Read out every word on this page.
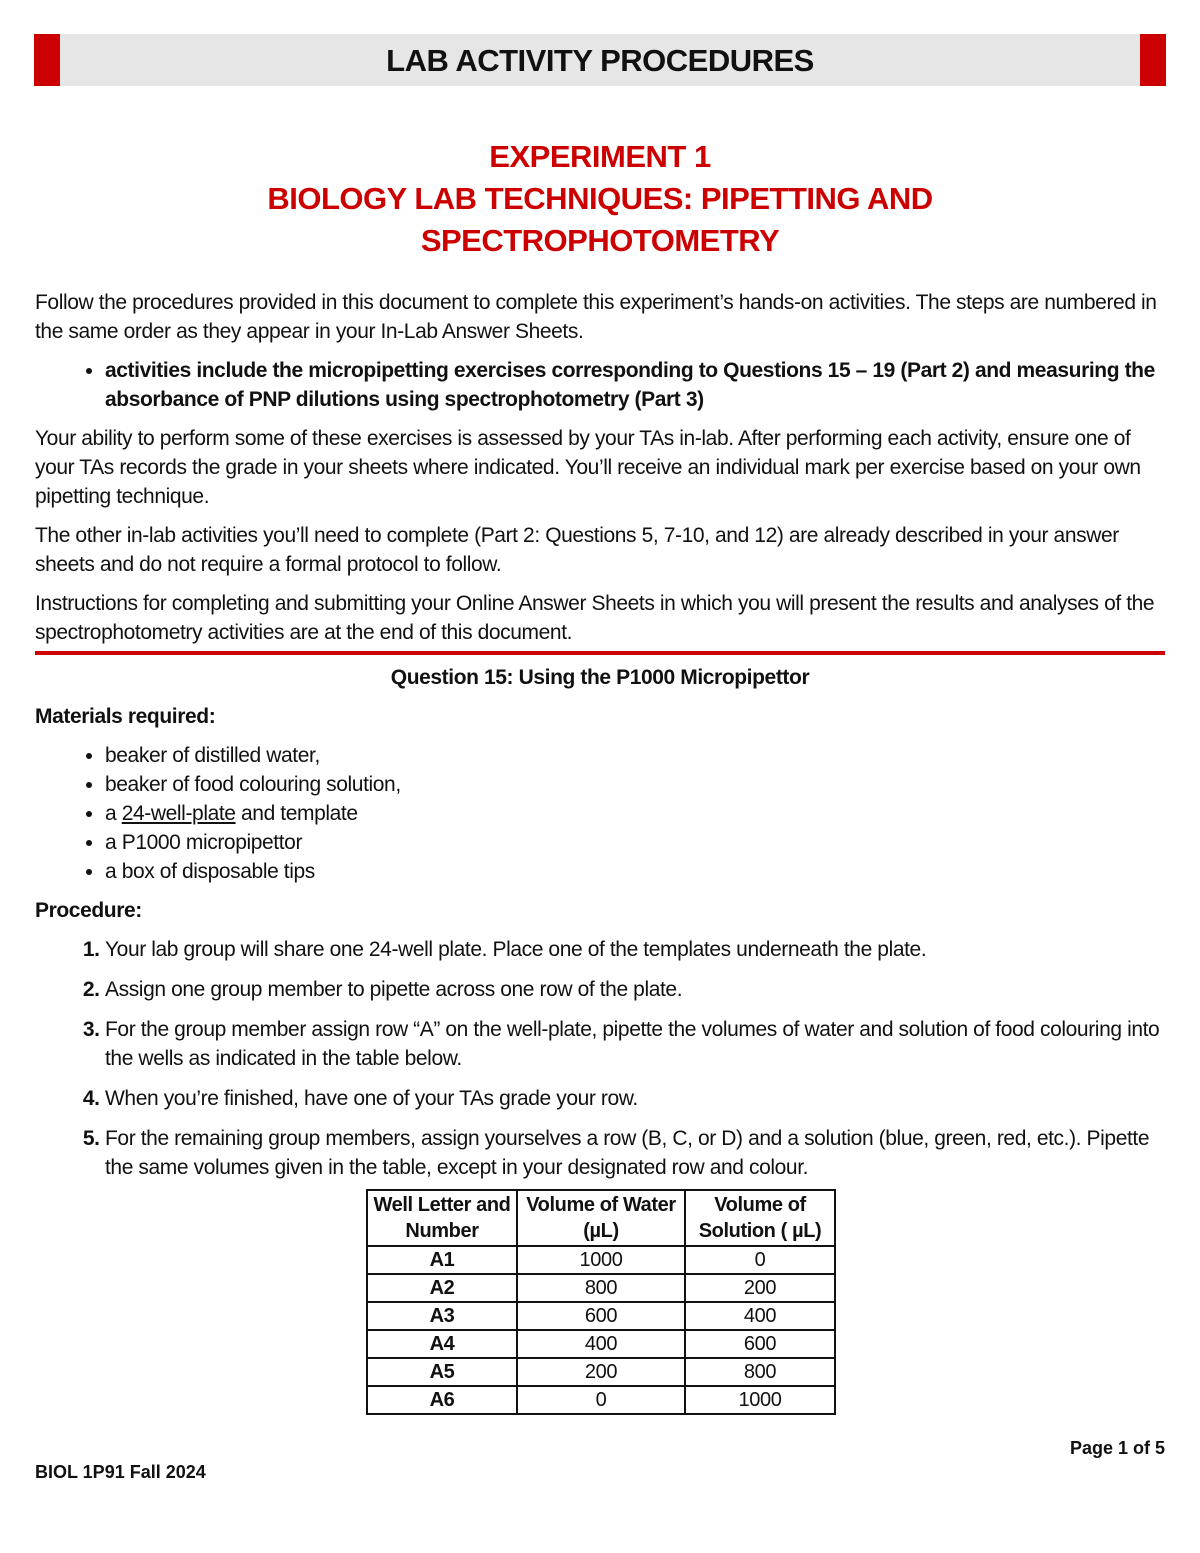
LAB ACTIVITY PROCEDURES
EXPERIMENT 1
BIOLOGY LAB TECHNIQUES: PIPETTING AND
SPECTROPHOTOMETRY

Follow the procedures provided in this document to complete this experiment’s hands-on activities. The steps are numbered in the same order as they appear in your In-Lab Answer Sheets.

• activities include the micropipetting exercises corresponding to Questions 15 – 19 (Part 2) and measuring the absorbance of PNP dilutions using spectrophotometry (Part 3)

Your ability to perform some of these exercises is assessed by your TAs in-lab. After performing each activity, ensure one of your TAs records the grade in your sheets where indicated. You’ll receive an individual mark per exercise based on your own pipetting technique.

The other in-lab activities you’ll need to complete (Part 2: Questions 5, 7-10, and 12) are already described in your answer sheets and do not require a formal protocol to follow.

Instructions for completing and submitting your Online Answer Sheets in which you will present the results and analyses of the spectrophotometry activities are at the end of this document.

Question 15: Using the P1000 Micropipettor
Materials required:
• beaker of distilled water,
• beaker of food colouring solution,
• a 24-well-plate and template
• a P1000 micropipettor
• a box of disposable tips
Procedure:
1. Your lab group will share one 24-well plate. Place one of the templates underneath the plate.
2. Assign one group member to pipette across one row of the plate.
3. For the group member assign row “A” on the well-plate, pipette the volumes of water and solution of food colouring into the wells as indicated in the table below.
4. When you’re finished, have one of your TAs grade your row.
5. For the remaining group members, assign yourselves a row (B, C, or D) and a solution (blue, green, red, etc.). Pipette the same volumes given in the table, except in your designated row and colour.
Well Letter and Number	Volume of Water (µL)	Volume of Solution ( µL)
A1	1000	0
A2	800	200
A3	600	400
A4	400	600
A5	200	800
A6	0	1000
Page 1 of 5
BIOL 1P91 Fall 2024
